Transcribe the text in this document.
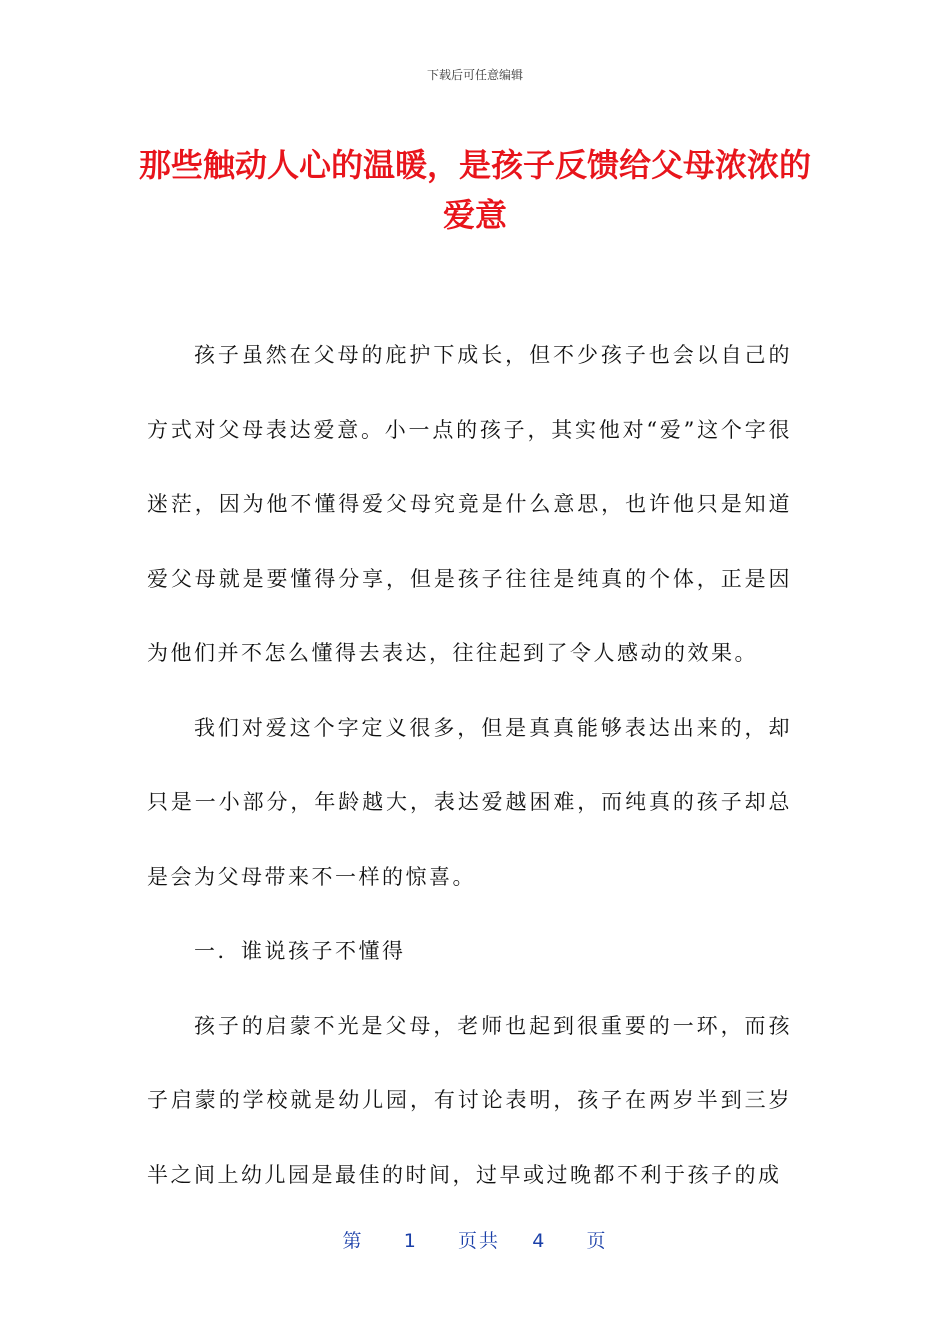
下载后可任意编辑
那些触动人心的温暖，是孩子反馈给父母浓浓的爱意

孩子虽然在父母的庇护下成长，但不少孩子也会以自己的方式对父母表达爱意。小一点的孩子，其实他对“爱”这个字很迷茫，因为他不懂得爱父母究竟是什么意思，也许他只是知道爱父母就是要懂得分享，但是孩子往往是纯真的个体，正是因为他们并不怎么懂得去表达，往往起到了令人感动的效果。

我们对爱这个字定义很多，但是真真能够表达出来的，却只是一小部分，年龄越大，表达爱越困难，而纯真的孩子却总是会为父母带来不一样的惊喜。

一．谁说孩子不懂得

孩子的启蒙不光是父母，老师也起到很重要的一环，而孩子启蒙的学校就是幼儿园，有讨论表明，孩子在两岁半到三岁半之间上幼儿园是最佳的时间，过早或过晚都不利于孩子的成

第 1 页共 4 页
